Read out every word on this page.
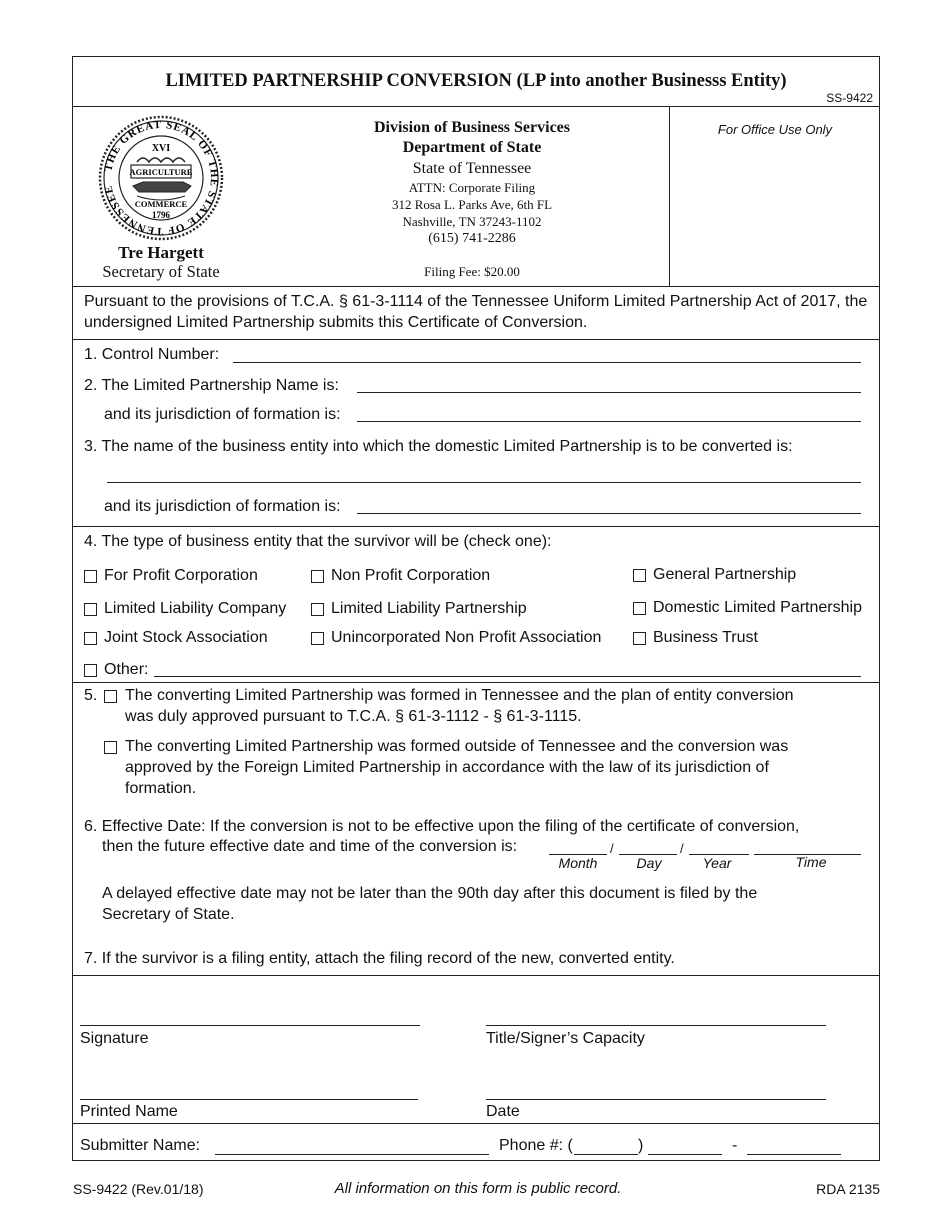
LIMITED PARTNERSHIP CONVERSION (LP into another Businesss Entity)
SS-9422
THE GREAT SEAL OF THE STATE OF TENNESSEE
XVI
AGRICULTURE
COMMERCE
1796
Tre Hargett
Secretary of State
Division of Business Services
Department of State
State of Tennessee
ATTN: Corporate Filing
312 Rosa L. Parks Ave, 6th FL
Nashville, TN 37243-1102
(615) 741-2286
Filing Fee: $20.00
For Office Use Only
Pursuant to the provisions of T.C.A. § 61-3-1114 of the Tennessee Uniform Limited Partnership Act of 2017, the undersigned Limited Partnership submits this Certificate of Conversion.
1. Control Number:
2. The Limited Partnership Name is:
and its jurisdiction of formation is:
3. The name of the business entity into which the domestic Limited Partnership is to be converted is:
and its jurisdiction of formation is:
4. The type of business entity that the survivor will be (check one):
For Profit Corporation	Non Profit Corporation	General Partnership
Limited Liability Company	Limited Liability Partnership	Domestic Limited Partnership
Joint Stock Association	Unincorporated Non Profit Association	Business Trust
Other:
5. The converting Limited Partnership was formed in Tennessee and the plan of entity conversion
was duly approved pursuant to T.C.A. § 61-3-1112 - § 61-3-1115.
The converting Limited Partnership was formed outside of Tennessee and the conversion was
approved by the Foreign Limited Partnership in accordance with the law of its jurisdiction of
formation.
6. Effective Date: If the conversion is not to be effective upon the filing of the certificate of conversion,
then the future effective date and time of the conversion is:	/	/
Month	Day	Year	Time
A delayed effective date may not be later than the 90th day after this document is filed by the
Secretary of State.
7. If the survivor is a filing entity, attach the filing record of the new, converted entity.
Signature	Title/Signer’s Capacity
Printed Name	Date
Submitter Name:	Phone #: (	)	-
SS-9422 (Rev.01/18)	All information on this form is public record.	RDA 2135
